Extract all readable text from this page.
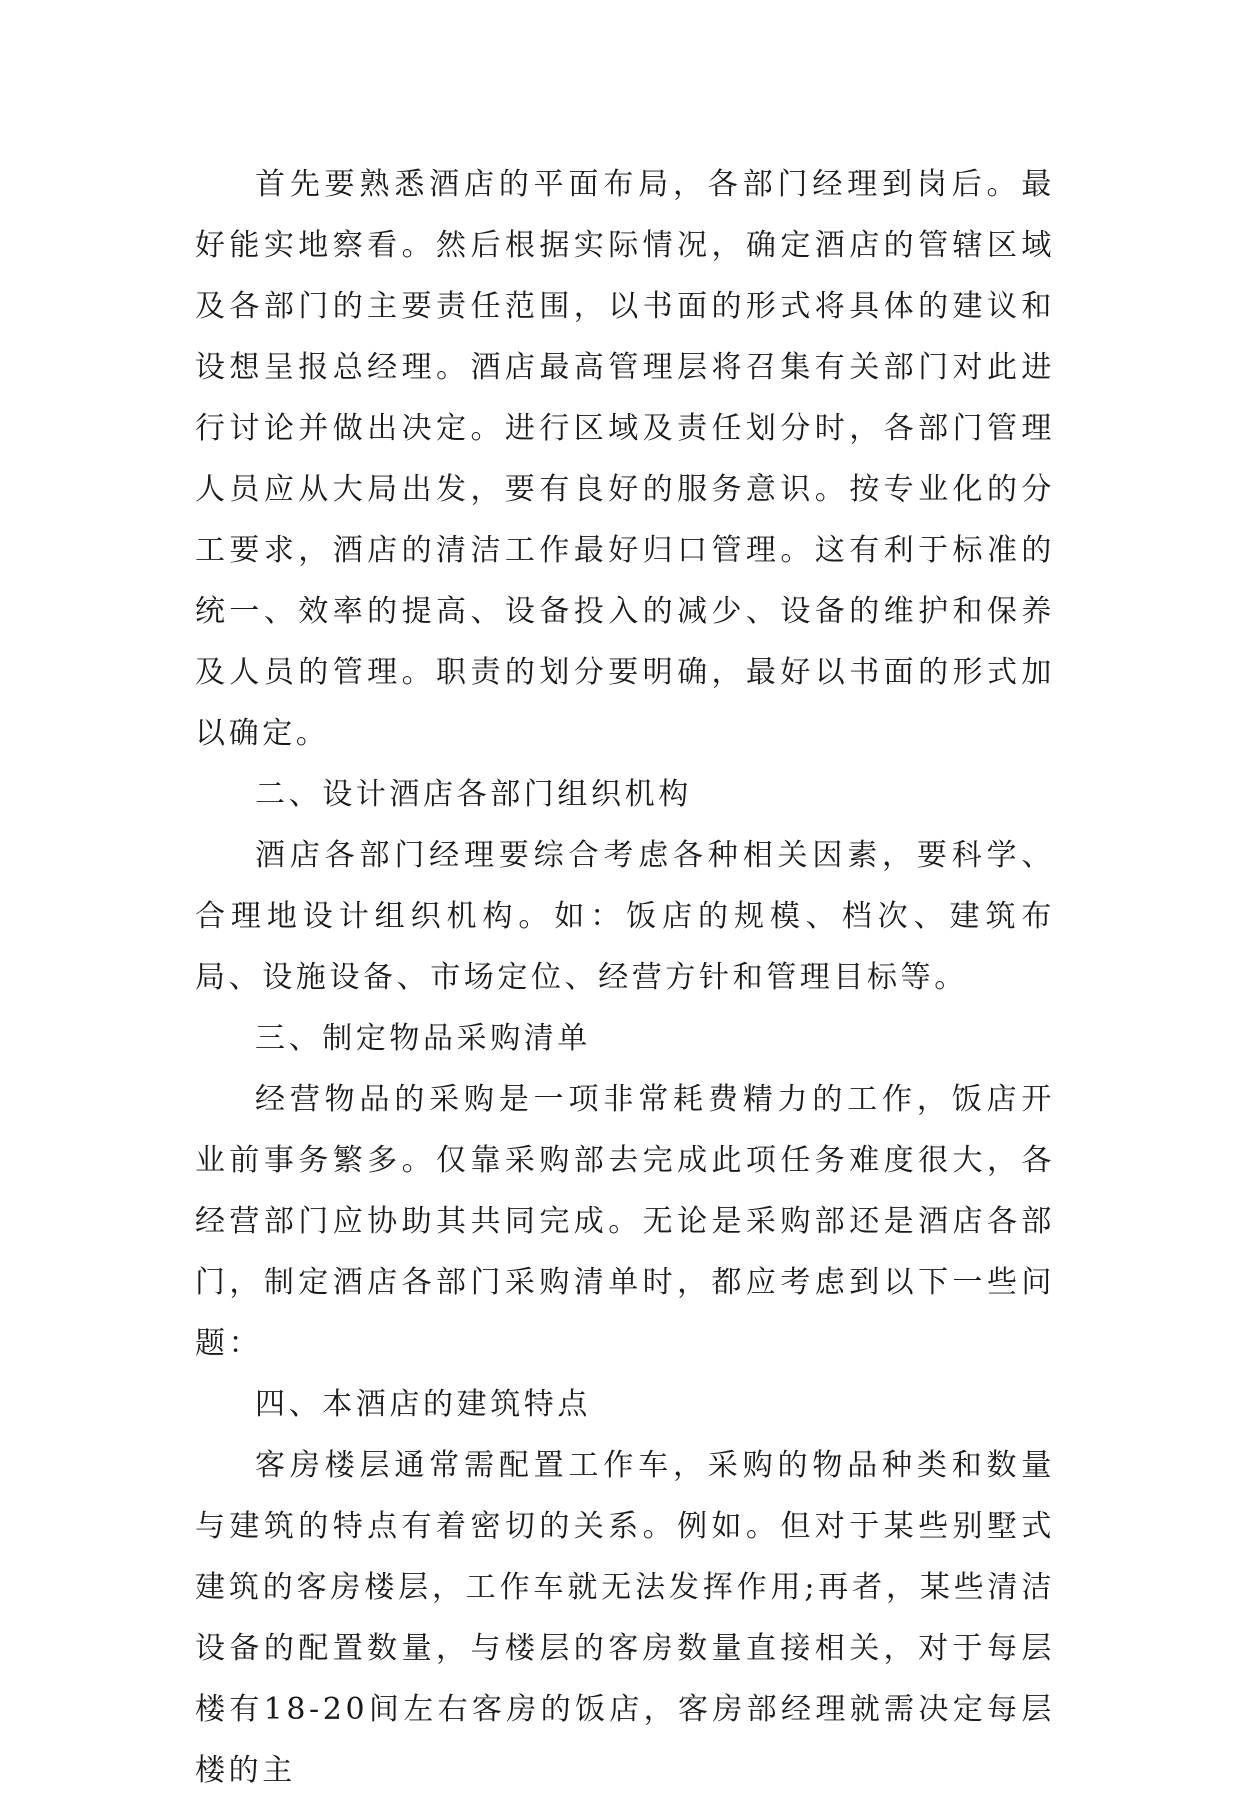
首先要熟悉酒店的平面布局，各部门经理到岗后。最好能实地察看。然后根据实际情况，确定酒店的管辖区域及各部门的主要责任范围，以书面的形式将具体的建议和设想呈报总经理。酒店最高管理层将召集有关部门对此进行讨论并做出决定。进行区域及责任划分时，各部门管理人员应从大局出发，要有良好的服务意识。按专业化的分工要求，酒店的清洁工作最好归口管理。这有利于标准的统一、效率的提高、设备投入的减少、设备的维护和保养及人员的管理。职责的划分要明确，最好以书面的形式加以确定。

二、设计酒店各部门组织机构

酒店各部门经理要综合考虑各种相关因素，要科学、合理地设计组织机构。如：饭店的规模、档次、建筑布局、设施设备、市场定位、经营方针和管理目标等。

三、制定物品采购清单

经营物品的采购是一项非常耗费精力的工作，饭店开业前事务繁多。仅靠采购部去完成此项任务难度很大，各经营部门应协助其共同完成。无论是采购部还是酒店各部门，制定酒店各部门采购清单时，都应考虑到以下一些问题：

四、本酒店的建筑特点

客房楼层通常需配置工作车，采购的物品种类和数量与建筑的特点有着密切的关系。例如。但对于某些别墅式建筑的客房楼层，工作车就无法发挥作用;再者，某些清洁设备的配置数量，与楼层的客房数量直接相关，对于每层楼有18-20间左右客房的饭店，客房部经理就需决定每层楼的主
